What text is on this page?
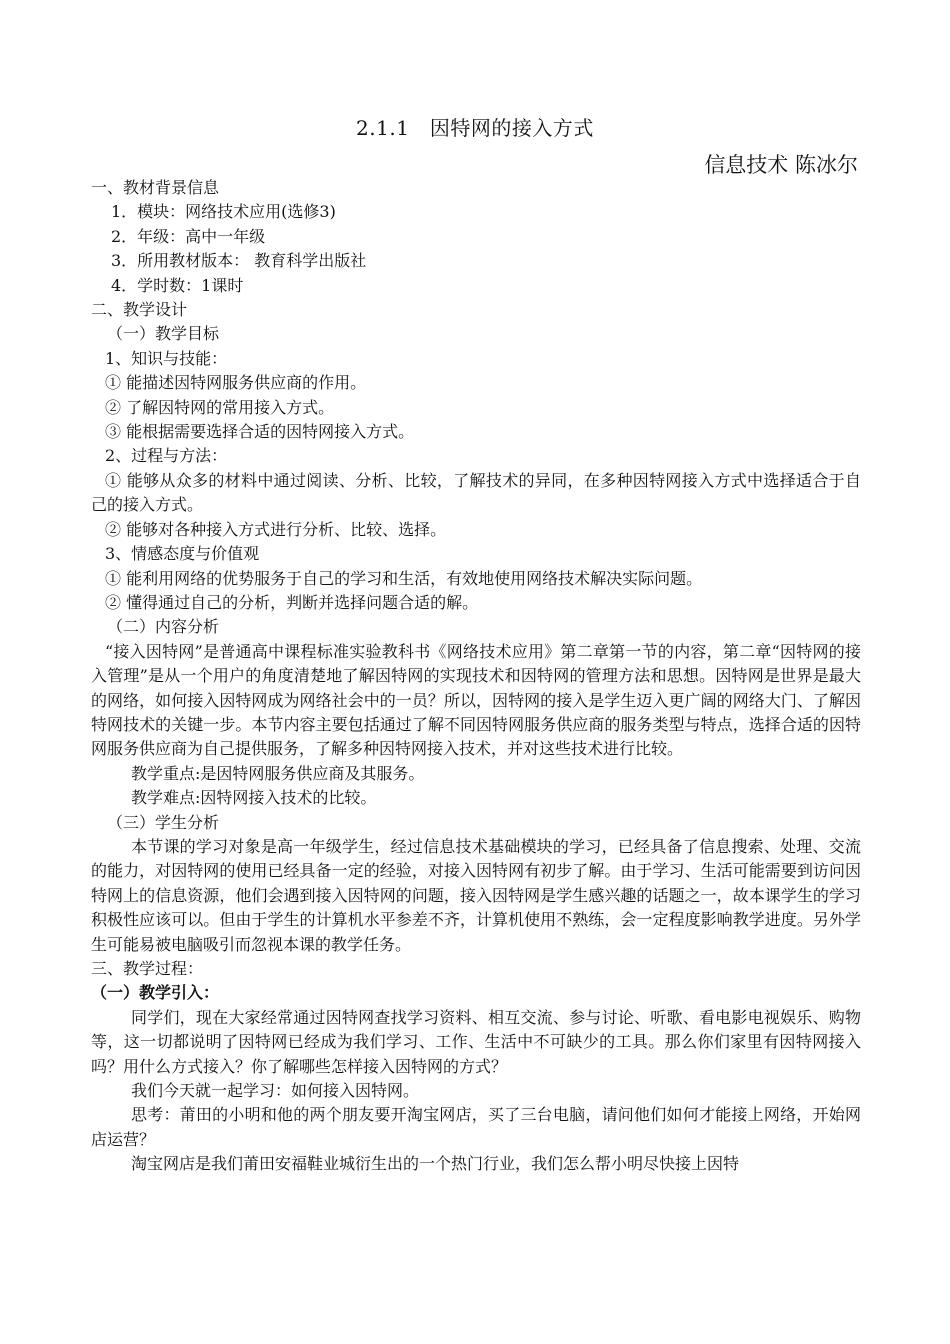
2.1.1　因特网的接入方式
信息技术 陈冰尔

一、教材背景信息

1．模块：网络技术应用(选修3)

2．年级：高中一年级

3．所用教材版本： 教育科学出版社

4．学时数：1课时

二、教学设计

（一）教学目标

1、知识与技能：

① 能描述因特网服务供应商的作用。

② 了解因特网的常用接入方式。

③ 能根据需要选择合适的因特网接入方式。

2、过程与方法：

① 能够从众多的材料中通过阅读、分析、比较，了解技术的异同，在多种因特网接入方式中选择适合于自己的接入方式。

② 能够对各种接入方式进行分析、比较、选择。

3、情感态度与价值观

① 能利用网络的优势服务于自己的学习和生活，有效地使用网络技术解决实际问题。

② 懂得通过自己的分析，判断并选择问题合适的解。

（二）内容分析

“接入因特网”是普通高中课程标准实验教科书《网络技术应用》第二章第一节的内容，第二章“因特网的接入管理”是从一个用户的角度清楚地了解因特网的实现技术和因特网的管理方法和思想。因特网是世界是最大的网络，如何接入因特网成为网络社会中的一员？所以，因特网的接入是学生迈入更广阔的网络大门、了解因特网技术的关键一步。本节内容主要包括通过了解不同因特网服务供应商的服务类型与特点，选择合适的因特网服务供应商为自己提供服务，了解多种因特网接入技术，并对这些技术进行比较。

教学重点:是因特网服务供应商及其服务。

教学难点:因特网接入技术的比较。

（三）学生分析

本节课的学习对象是高一年级学生，经过信息技术基础模块的学习，已经具备了信息搜索、处理、交流的能力，对因特网的使用已经具备一定的经验，对接入因特网有初步了解。由于学习、生活可能需要到访问因特网上的信息资源，他们会遇到接入因特网的问题，接入因特网是学生感兴趣的话题之一，故本课学生的学习积极性应该可以。但由于学生的计算机水平参差不齐，计算机使用不熟练，会一定程度影响教学进度。另外学生可能易被电脑吸引而忽视本课的教学任务。

三、教学过程：

（一）教学引入：

同学们，现在大家经常通过因特网查找学习资料、相互交流、参与讨论、听歌、看电影电视娱乐、购物等，这一切都说明了因特网已经成为我们学习、工作、生活中不可缺少的工具。那么你们家里有因特网接入吗？用什么方式接入？你了解哪些怎样接入因特网的方式？

我们今天就一起学习：如何接入因特网。

思考：莆田的小明和他的两个朋友要开淘宝网店，买了三台电脑，请问他们如何才能接上网络，开始网店运营？

淘宝网店是我们莆田安福鞋业城衍生出的一个热门行业，我们怎么帮小明尽快接上因特
